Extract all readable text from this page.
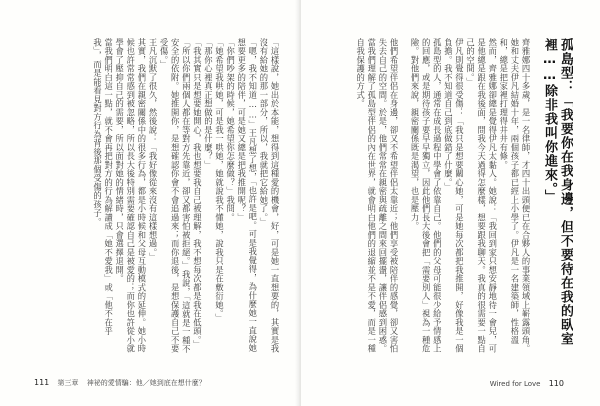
「這樣說，她出於本能，想得到這種愛的機會，好，可是她一直想要的，其實是我沒有給她的那一部分，所以，我就把它給她了。」

「嗯，我不知道……」王凡想了想，「也許是吧。可是我覺得，為什麼她一直說她想要更多的陪伴，可是她又總是把我推開呢？」

「你們吵架的時候，她希望你怎麼做？」我問。

「她希望我哄她，可是我一哄她，她就說我不懂她，說我只是在敷衍她。」

「那你心裡真正想做的是什麼？」

「我其實只是想要她開心，我也想要我自己被理解，我不想每次都是我在低頭。」

「所以你們兩個人都在等對方先靠近，卻又都害怕被拒絕。」我說，「這就是一種不安全的依附。她推開你，是想確認你會不會追過來；而你退後，是想保護自己不要受傷。」

王凡沉默了很久，然後說：「我好像從來沒有這樣想過。」

其實，我們在親密關係中的很多行為，都是小時候和父母互動模式的延伸。她小時候也許常常感到被忽略，所以長大後特別需要確認自己是被愛的；而你也許從小就學會了壓抑自己的需要，所以面對她的情緒時，只會選擇退開。

當我們明白這一點，就不會再把對方的行為解讀成「她不愛我」或「他不在乎我」，而是能看見對方行為背後那個受傷的孩子。

111 第三章 神祕的愛情騙：他／她到底在想什麼？

孤島型：「我要你在我身邊，但不要待在我的臥室裡……除非我叫你進來。」

齊雅娜四十多歲，是一名律師，才四十出頭便已在合夥人的事業領域上嶄露頭角。她和丈夫伊凡結婚十年，兩個孩子都已經上小學了。伊凡是一名建築師，性格溫和，總是把家裡打理得井井有條。

然而，齊雅娜卻總是覺得伊凡太黏人。她說：「我回到家只想安靜地待一會兒，可是他總是跟在我後面，問我今天過得怎麼樣，想要跟我聊天。我真的很需要一點自己的空間。」

伊凡則覺得很受傷：「我只是想要關心她，可是她每次都把我推開，好像我是一個負擔。我不知道自己到底做錯了什麼。」

孤島型的人，通常在成長過程中學會了依靠自己。他們的父母可能很少給予情感上的回應，或是期待孩子要早早獨立，因此他們長大後會把「需要別人」視為一種危險。對他們來說，親密關係既是渴望，也是壓力。

他們希望伴侶在身邊，卻又不希望伴侶太靠近；他們享受被陪伴的感覺，卻又害怕失去自己的空間。於是，他們常常在親密與疏離之間來回擺盪，讓伴侶感到困惑。

當我們理解了孤島型伴侶的內在世界，就會明白他們的退縮並不是不愛，而是一種自我保護的方式。

Wired for Love 110
